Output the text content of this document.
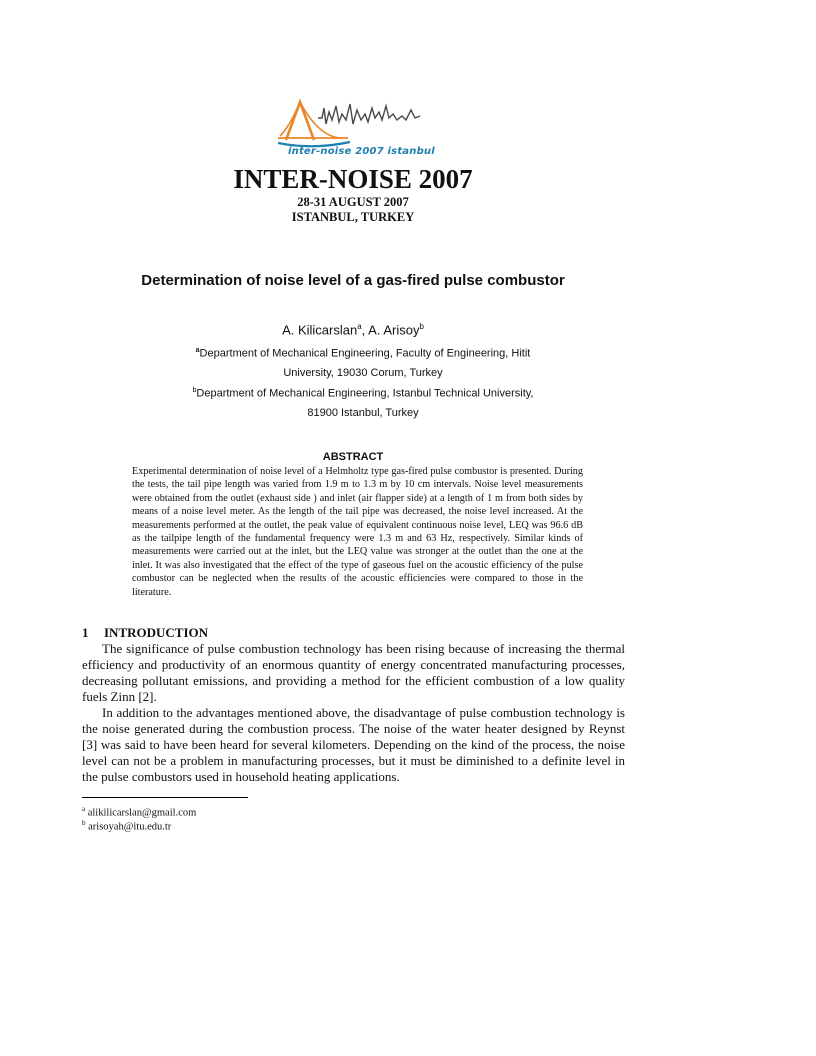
inter-noise 2007 istanbul
INTER-NOISE 2007
28-31 AUGUST 2007
ISTANBUL, TURKEY
Determination of noise level of a gas-fired pulse combustor
A. Kilicarslan$^a$, A. Arisoy$^b$
$^a$Department of Mechanical Engineering, Faculty of Engineering, Hitit
University, 19030 Corum, Turkey
$^b$Department of Mechanical Engineering, Istanbul Technical University,
81900 Istanbul, Turkey
ABSTRACT

Experimental determination of noise level of a Helmholtz type gas-fired pulse combustor is presented. During the tests, the tail pipe length was varied from 1.9 m to 1.3 m by 10 cm intervals. Noise level measurements were obtained from the outlet (exhaust side ) and inlet (air flapper side) at a length of 1 m from both sides by means of a noise level meter. As the length of the tail pipe was decreased, the noise level increased. At the measurements performed at the outlet, the peak value of equivalent continuous noise level, LEQ was 96.6 dB as the tailpipe length of the fundamental frequency were 1.3 m and 63 Hz, respectively. Similar kinds of measurements were carried out at the inlet, but the LEQ value was stronger at the outlet than the one at the inlet. It was also investigated that the effect of the type of gaseous fuel on the acoustic efficiency of the pulse combustor can be neglected when the results of the acoustic efficiencies were compared to those in the literature.

1 INTRODUCTION

The significance of pulse combustion technology has been rising because of increasing the thermal efficiency and productivity of an enormous quantity of energy concentrated manufacturing processes, decreasing pollutant emissions, and providing a method for the efficient combustion of a low quality fuels Zinn [2].

In addition to the advantages mentioned above, the disadvantage of pulse combustion technology is the noise generated during the combustion process. The noise of the water heater designed by Reynst [3] was said to have been heard for several kilometers. Depending on the kind of the process, the noise level can not be a problem in manufacturing processes, but it must be diminished to a definite level in the pulse combustors used in household heating applications.

$^a$ alikilicarslan@gmail.com
$^b$ arisoyah@itu.edu.tr
